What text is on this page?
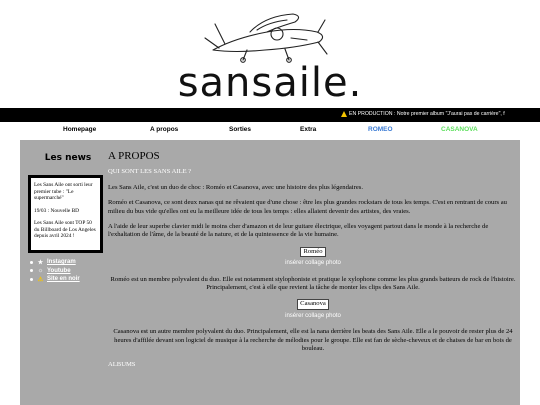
sansaile.
EN PRODUCTION : Notre premier album "J'aurai pas de carrière", f
Homepage	A propos	Sorties	Extra	ROMEO	CASANOVA
Les news

Les Sans Aile ont sorti leur premier tube : "Le supermarché"

19/03 : Nouvelle BD

Les Sans Aile sont TOP 50 du Billboard de Los Angeles depuis avril 2024 !

★ Instagram
☼ Youtube
⚠ Site en noir
A PROPOS
QUI SONT LES SANS AILE ?

Les Sans Aile, c'est un duo de choc : Roméo et Casanova, avec une histoire des plus légendaires.

Roméo et Casanova, ce sont deux nanas qui ne rêvaient que d'une chose : être les plus grandes rockstars de tous les temps. C'est en rentrant de cours au milieu du bus vide qu'elles ont eu la meilleure idée de tous les temps : elles allaient devenir des artistes, des vraies.

A l'aide de leur superbe clavier midi le moins cher d'amazon et de leur guitare électrique, elles voyagent partout dans le monde à la recherche de l'exhaltation de l'âme, de la beauté de la nature, et de la quintessence de la vie humaine.

Roméo
insérer collage photo

Roméo est un membre polyvalent du duo. Elle est notamment stylophoniste et pratique le xylophone comme les plus grands batteurs de rock de l'histoire. Principalement, c'est à elle que revient la tâche de monter les clips des Sans Aile.

Casanova
insérer collage photo

Casanova est un autre membre polyvalent du duo. Principalement, elle est la nana derrière les beats des Sans Aile. Elle a le pouvoir de rester plus de 24 heures d'affilée devant son logiciel de musique à la recherche de mélodies pour le groupe. Elle est fan de sèche-cheveux et de chaises de bar en bois de bouleau.

ALBUMS
